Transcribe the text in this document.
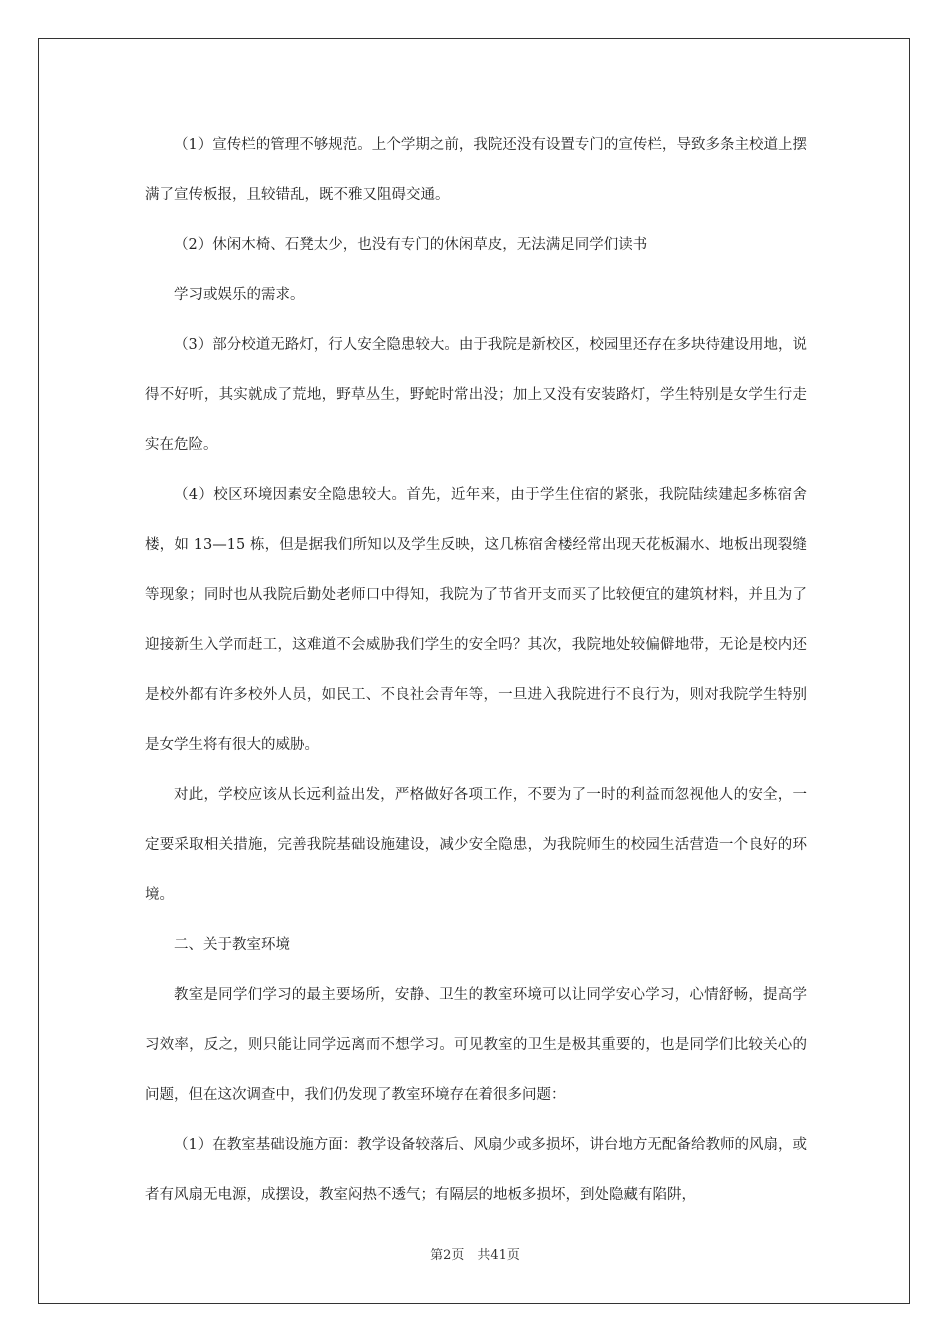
（1）宣传栏的管理不够规范。上个学期之前，我院还没有设置专门的宣传栏，导致多条主校道上摆满了宣传板报，且较错乱，既不雅又阻碍交通。

（2）休闲木椅、石凳太少，也没有专门的休闲草皮，无法满足同学们读书

学习或娱乐的需求。

（3）部分校道无路灯，行人安全隐患较大。由于我院是新校区，校园里还存在多块待建设用地，说得不好听，其实就成了荒地，野草丛生，野蛇时常出没；加上又没有安装路灯，学生特别是女学生行走实在危险。

（4）校区环境因素安全隐患较大。首先，近年来，由于学生住宿的紧张，我院陆续建起多栋宿舍楼，如 13—15 栋，但是据我们所知以及学生反映，这几栋宿舍楼经常出现天花板漏水、地板出现裂缝等现象；同时也从我院后勤处老师口中得知，我院为了节省开支而买了比较便宜的建筑材料，并且为了迎接新生入学而赶工，这难道不会威胁我们学生的安全吗？其次，我院地处较偏僻地带，无论是校内还是校外都有许多校外人员，如民工、不良社会青年等，一旦进入我院进行不良行为，则对我院学生特别是女学生将有很大的威胁。

对此，学校应该从长远利益出发，严格做好各项工作，不要为了一时的利益而忽视他人的安全，一定要采取相关措施，完善我院基础设施建设，减少安全隐患，为我院师生的校园生活营造一个良好的环境。

二、关于教室环境

教室是同学们学习的最主要场所，安静、卫生的教室环境可以让同学安心学习，心情舒畅，提高学习效率，反之，则只能让同学远离而不想学习。可见教室的卫生是极其重要的，也是同学们比较关心的问题，但在这次调查中，我们仍发现了教室环境存在着很多问题：

（1）在教室基础设施方面：教学设备较落后、风扇少或多损坏，讲台地方无配备给教师的风扇，或者有风扇无电源，成摆设，教室闷热不透气；有隔层的地板多损坏，到处隐藏有陷阱，

第2页　共41页
